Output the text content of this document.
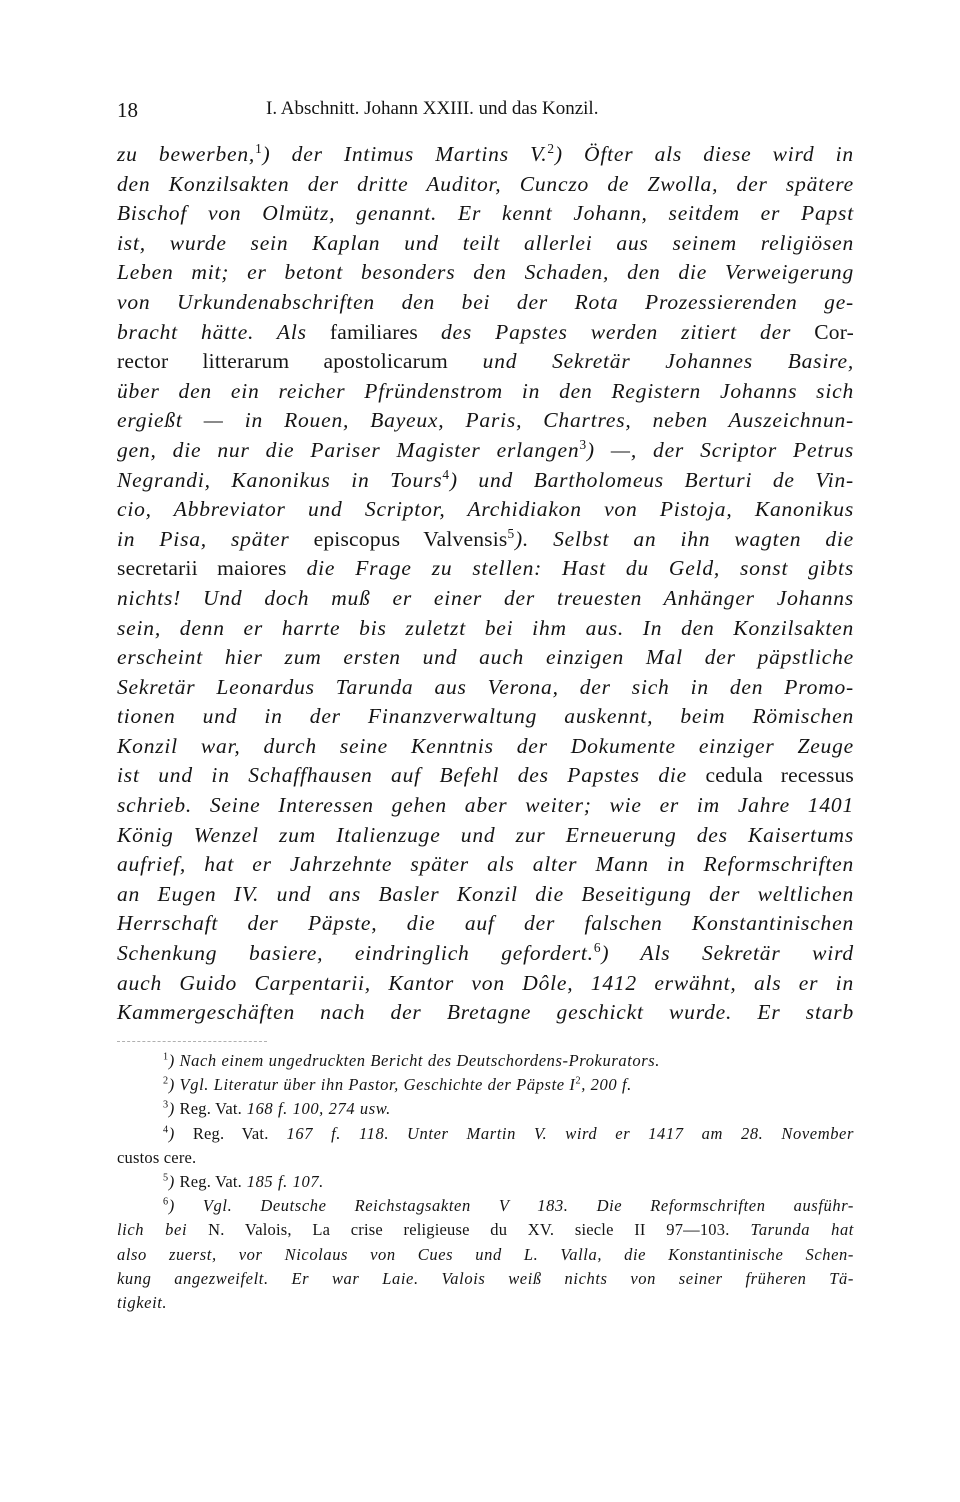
18	I. Abschnitt. Johann XXIII. und das Konzil.
zu bewerben,$^1$) der Intimus Martins V.$^2$) Öfter als diese wird in
den Konzilsakten der dritte Auditor, Cunczo de Zwolla, der spätere
Bischof von Olmütz, genannt. Er kennt Johann, seitdem er Papst
ist, wurde sein Kaplan und teilt allerlei aus seinem religiösen
Leben mit; er betont besonders den Schaden, den die Verweigerung
von Urkundenabschriften den bei der Rota Prozessierenden ge-
bracht hätte. Als familiares des Papstes werden zitiert der Cor-
rector litterarum apostolicarum und Sekretär Johannes Basire,
über den ein reicher Pfründenstrom in den Registern Johanns sich
ergießt — in Rouen, Bayeux, Paris, Chartres, neben Auszeichnun-
gen, die nur die Pariser Magister erlangen$^3$) —, der Scriptor Petrus
Negrandi, Kanonikus in Tours$^4$) und Bartholomeus Berturi de Vin-
cio, Abbreviator und Scriptor, Archidiakon von Pistoja, Kanonikus
in Pisa, später episcopus Valvensis$^5$). Selbst an ihn wagten die
secretarii maiores die Frage zu stellen: Hast du Geld, sonst gibts
nichts! Und doch muß er einer der treuesten Anhänger Johanns
sein, denn er harrte bis zuletzt bei ihm aus. In den Konzilsakten
erscheint hier zum ersten und auch einzigen Mal der päpstliche
Sekretär Leonardus Tarunda aus Verona, der sich in den Promo-
tionen und in der Finanzverwaltung auskennt, beim Römischen
Konzil war, durch seine Kenntnis der Dokumente einziger Zeuge
ist und in Schaffhausen auf Befehl des Papstes die cedula recessus
schrieb. Seine Interessen gehen aber weiter; wie er im Jahre 1401
König Wenzel zum Italienzuge und zur Erneuerung des Kaisertums
aufrief, hat er Jahrzehnte später als alter Mann in Reformschriften
an Eugen IV. und ans Basler Konzil die Beseitigung der weltlichen
Herrschaft der Päpste, die auf der falschen Konstantinischen
Schenkung basiere, eindringlich gefordert.$^6$) Als Sekretär wird
auch Guido Carpentarii, Kantor von Dôle, 1412 erwähnt, als er in
Kammergeschäften nach der Bretagne geschickt wurde. Er starb
$^1$) Nach einem ungedruckten Bericht des Deutschordens-Prokurators.
$^2$) Vgl. Literatur über ihn Pastor, Geschichte der Päpste $I^2$, 200 f.
$^3$) Reg. Vat. 168 f. 100, 274 usw.
$^4$) Reg. Vat. 167 f. 118. Unter Martin V. wird er 1417 am 28. November
custos cere.
$^5$) Reg. Vat. 185 f. 107.
$^6$) Vgl. Deutsche Reichstagsakten V 183. Die Reformschriften ausführ-
lich bei N. Valois, La crise religieuse du XV. siecle II 97—103. Tarunda hat
also zuerst, vor Nicolaus von Cues und L. Valla, die Konstantinische Schen-
kung angezweifelt. Er war Laie. Valois weiß nichts von seiner früheren Tä-
tigkeit.
